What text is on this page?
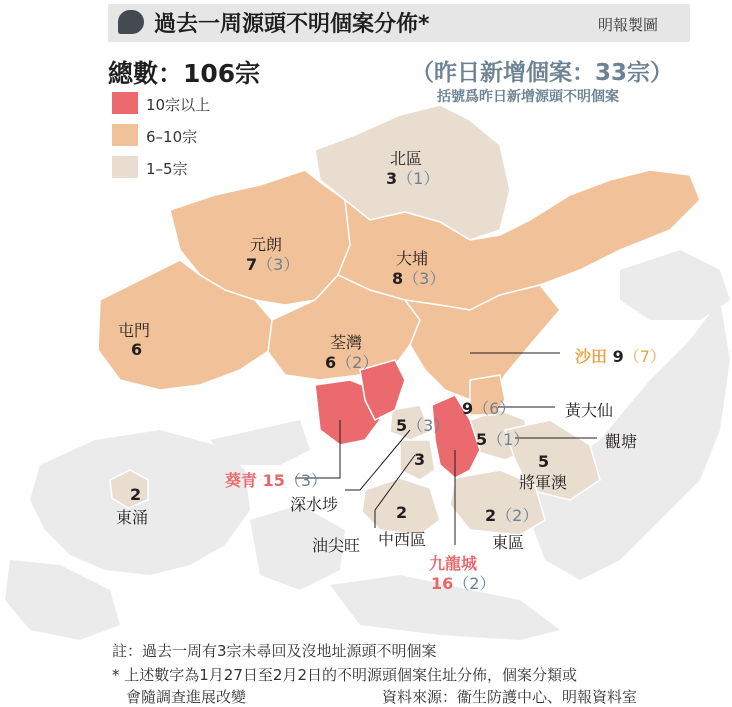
過去一周源頭不明個案分佈*	明報製圖
總數：106宗	（昨日新增個案：33宗）
括號爲昨日新增源頭不明個案
10宗以上
6–10宗
1–5宗
北區
3（1）
元朗
7（3）	大埔
8（3）
屯門
6	荃灣
6（2）	沙田 9（7）
9（6）	黃大仙
5（1）	觀塘
5
將軍澳
5（3）
深水埗
3
油尖旺
葵青 15（3）
2
中西區
2（2）
東區
九龍城
16（2）
2
東涌
註：過去一周有3宗未尋回及沒地址源頭不明個案
* 上述數字為1月27日至2月2日的不明源頭個案住址分佈，個案分類或
會隨調查進展改變	資料來源：衞生防護中心、明報資料室
